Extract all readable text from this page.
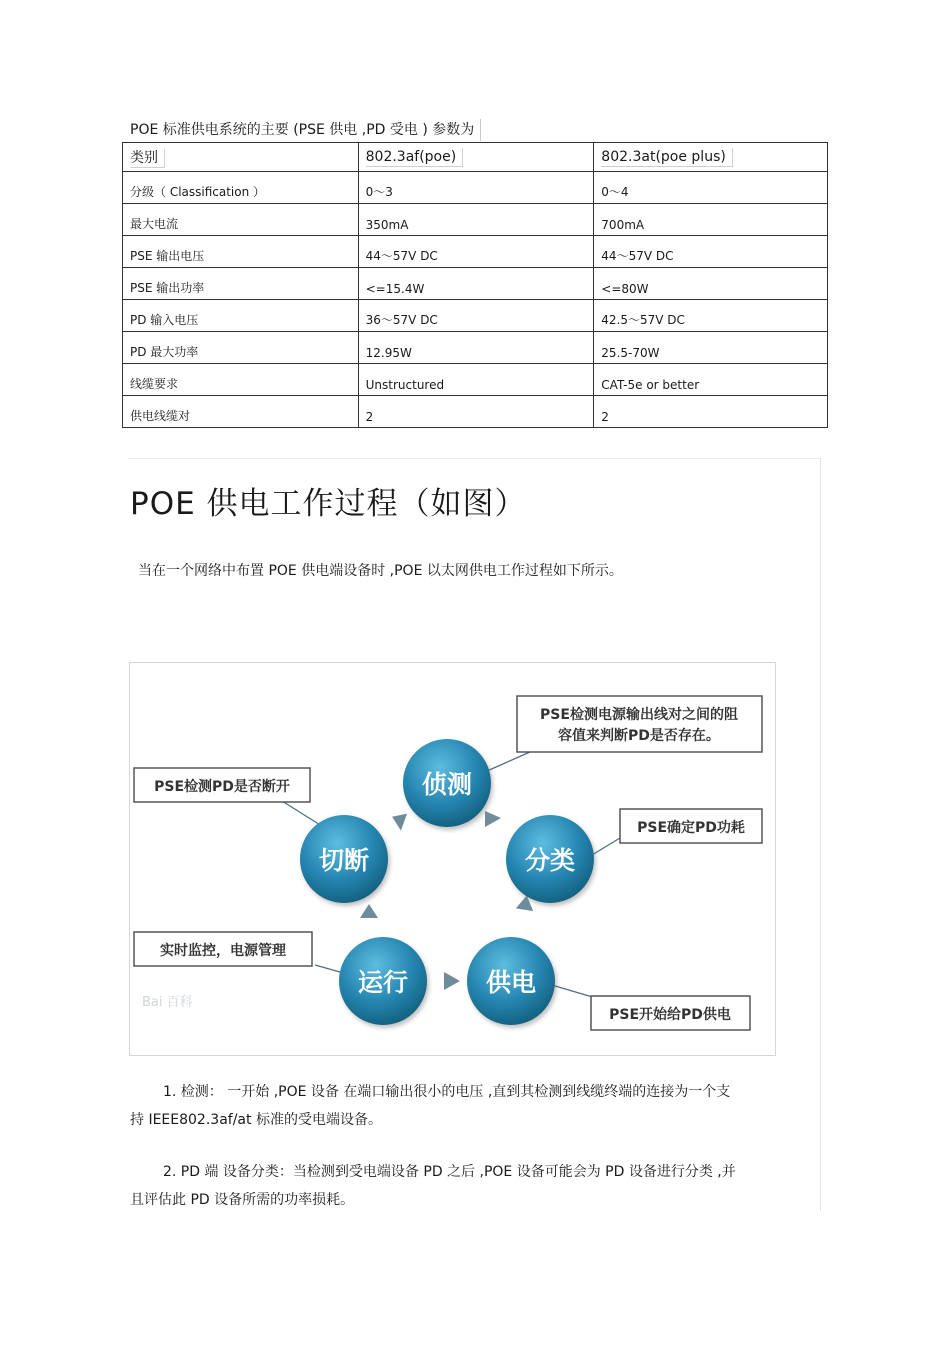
POE 标准供电系统的主要 (PSE 供电 ,PD 受电 ) 参数为
类别	802.3af(poe)	802.3at(poe plus)
分级（ Classification ）	0～3	0～4
最大电流	350mA	700mA
PSE 输出电压	44～57V DC	44～57V DC
PSE 输出功率	<=15.4W	<=80W
PD 输入电压	36～57V DC	42.5～57V DC
PD 最大功率	12.95W	25.5-70W
线缆要求	Unstructured	CAT-5e or better
供电线缆对	2	2
POE 供电工作过程（如图）
当在一个网络中布置 POE 供电端设备时 ,POE 以太网供电工作过程如下所示。
PSE检测电源输出线对之间的阻
容值来判断PD是否存在。
PSE确定PD功耗
PSE开始给PD供电
实时监控，电源管理
PSE检测PD是否断开	侦测
分类
供电
运行
切断
Bai 百科
1. 检测： 一开始 ,POE 设备 在端口输出很小的电压 ,直到其检测到线缆终端的连接为一个支
持 IEEE802.3af/at 标准的受电端设备。
2. PD 端 设备分类：当检测到受电端设备 PD 之后 ,POE 设备可能会为 PD 设备进行分类 ,并
且评估此 PD 设备所需的功率损耗。
